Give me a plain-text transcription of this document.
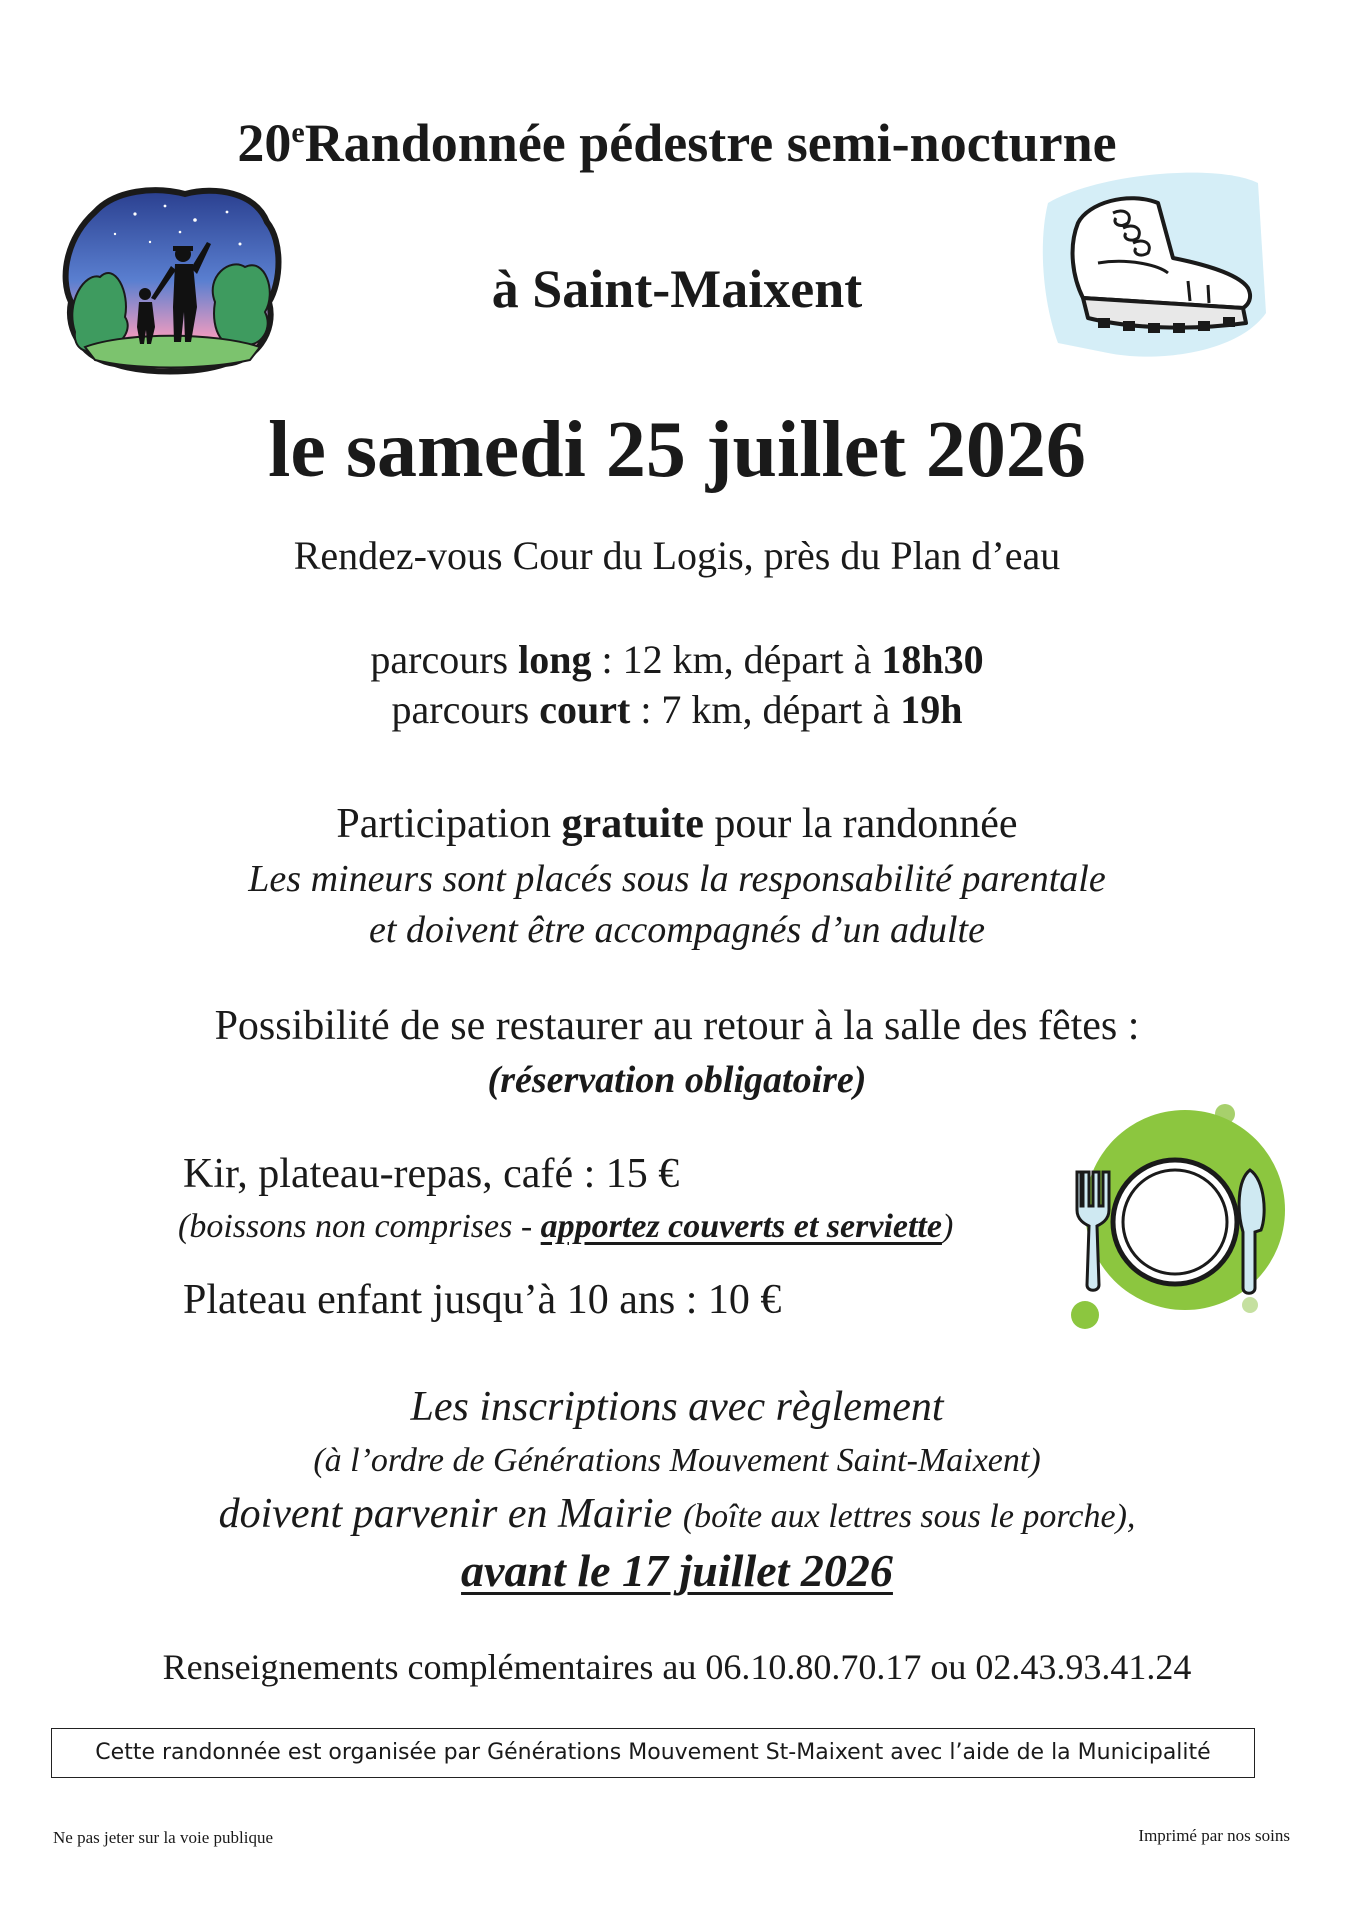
20eRandonnée pédestre semi-nocturne
à Saint-Maixent
le samedi 25 juillet 2026
Rendez-vous Cour du Logis, près du Plan d’eau
parcours long : 12 km, départ à 18h30
parcours court : 7 km, départ à 19h
Participation gratuite pour la randonnée
Les mineurs sont placés sous la responsabilité parentale
et doivent être accompagnés d’un adulte
Possibilité de se restaurer au retour à la salle des fêtes :
(réservation obligatoire)
Kir, plateau-repas, café : 15 €
(boissons non comprises - apportez couverts et serviette)
Plateau enfant jusqu’à 10 ans : 10 €
Les inscriptions avec règlement
(à l’ordre de Générations Mouvement Saint-Maixent)
doivent parvenir en Mairie (boîte aux lettres sous le porche),
avant le 17 juillet 2026
Renseignements complémentaires au 06.10.80.70.17 ou 02.43.93.41.24
Cette randonnée est organisée par Générations Mouvement St-Maixent avec l’aide de la Municipalité
Ne pas jeter sur la voie publique	Imprimé par nos soins
